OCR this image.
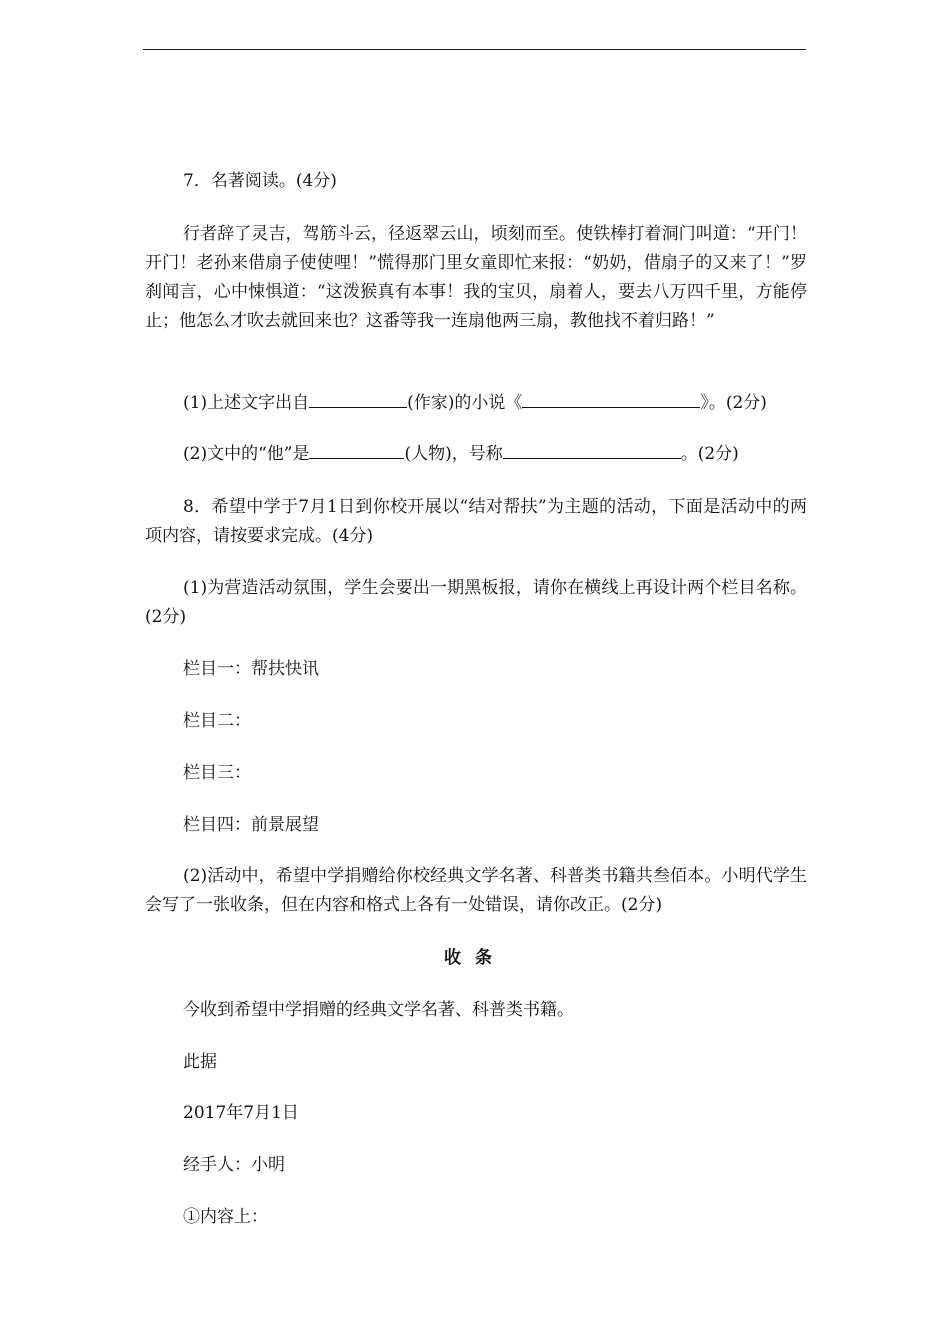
7．名著阅读。(4分)

行者辞了灵吉，驾筋斗云，径返翠云山，顷刻而至。使铁棒打着洞门叫道：“开门！开门！老孙来借扇子使使哩！”慌得那门里女童即忙来报：“奶奶，借扇子的又来了！”罗刹闻言，心中悚惧道：“这泼猴真有本事！我的宝贝，扇着人，要去八万四千里，方能停止；他怎么才吹去就回来也？这番等我一连扇他两三扇，教他找不着归路！”

(1)上述文字出自	(作家)的小说《	》。(2分)

(2)文中的“他”是	(人物)，号称	。(2分)

8．希望中学于7月1日到你校开展以“结对帮扶”为主题的活动，下面是活动中的两项内容，请按要求完成。(4分)

(1)为营造活动氛围，学生会要出一期黑板报，请你在横线上再设计两个栏目名称。(2分)

栏目一：帮扶快讯

栏目二：

栏目三：

栏目四：前景展望

(2)活动中，希望中学捐赠给你校经典文学名著、科普类书籍共叁佰本。小明代学生会写了一张收条，但在内容和格式上各有一处错误，请你改正。(2分)

收条

今收到希望中学捐赠的经典文学名著、科普类书籍。

此据

2017年7月1日

经手人：小明

①内容上：
